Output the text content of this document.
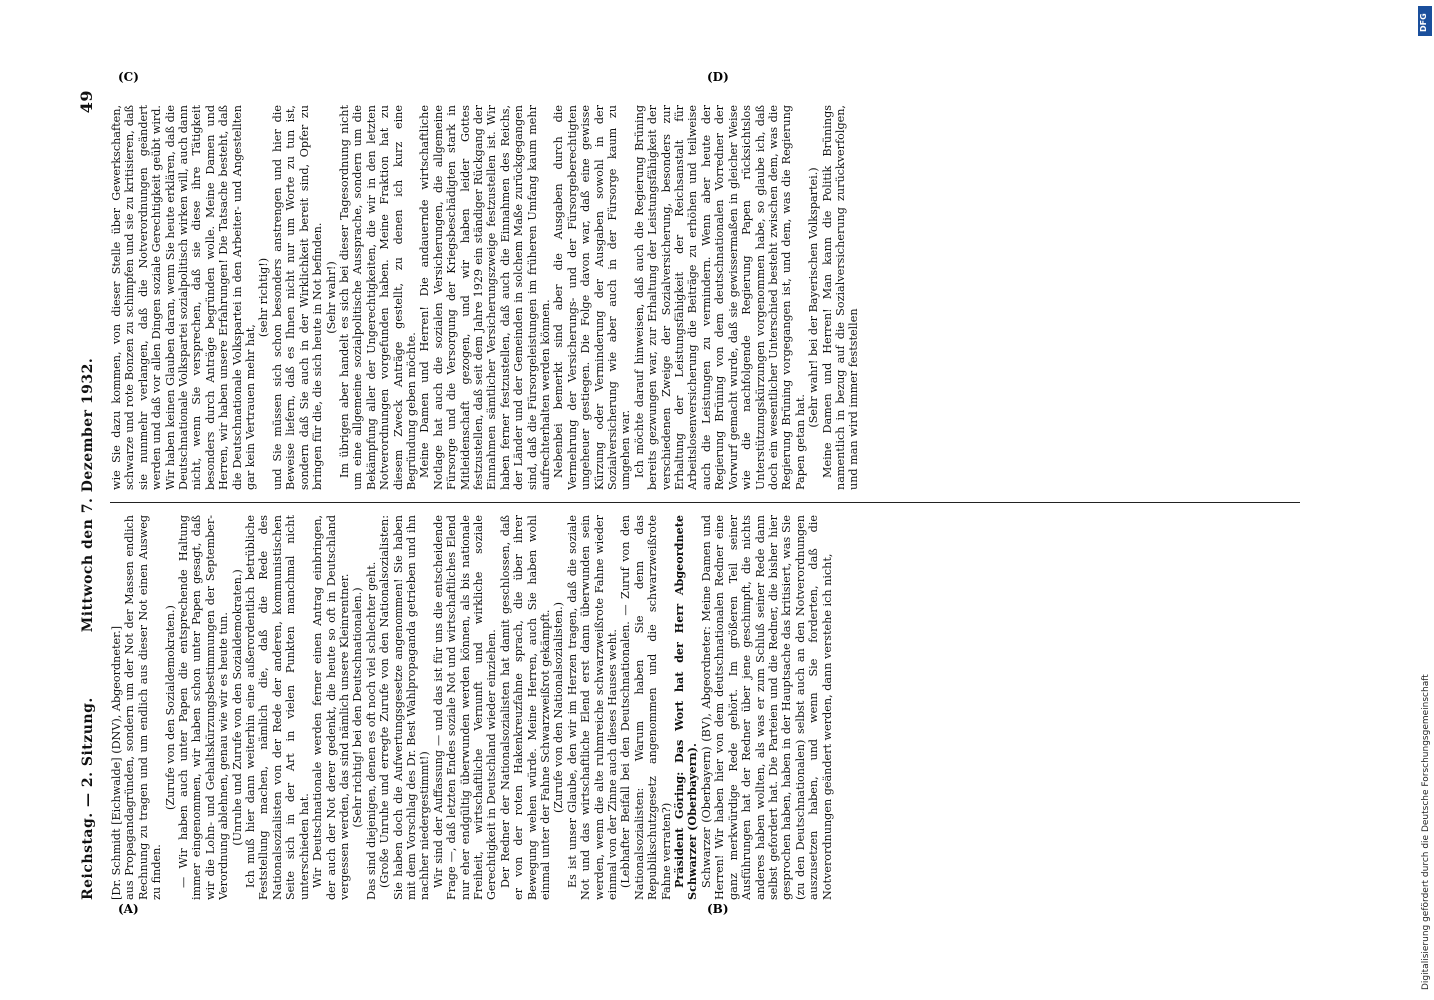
Reichstag. — 2. Sitzung.
Mittwoch den 7. Dezember 1932.
49

[Dr. Schmidt [Eichwalde] (DNV), Abgeordneter.] aus Propagandagründen, sondern um der Not der Massen endlich Rechnung zu tragen und um endlich aus dieser Not einen Ausweg zu finden.

(Zurufe von den Sozialdemokraten.) — Wir haben auch unter Papen die entsprechende Haltung immer eingenommen, wir haben schon unter Papen gesagt, daß wir die Lohn- und Gehaltskürzungsbestimmungen der September-Verordnung ablehnen, genau wie wir es heute tun. (Unruhe und Zurufe von den Sozialdemokraten.) Ich muß hier dann weiterhin eine außerordentlich betrübliche Feststellung machen, nämlich die, daß die Rede des Nationalsozialisten von der Rede der anderen, kommunistischen Seite sich in der Art in vielen Punkten manchmal nicht unterschieden hat. Wir Deutschnationale werden ferner einen Antrag einbringen, der auch der Not derer gedenkt, die heute so oft in Deutschland vergessen werden, das sind nämlich unsere Kleinrentner. (Sehr richtig! bei den Deutschnationalen.) Das sind diejenigen, denen es oft noch viel schlechter geht. (Große Unruhe und erregte Zurufe von den Nationalsozialisten: Sie haben doch die Aufwertungsgesetze angenommen! Sie haben mit dem Vorschlag des Dr. Best Wahlpropaganda getrieben und ihn nachher niedergestimmt!) Wir sind der Auffassung — und das ist für uns die entscheidende Frage —, daß letzten Endes soziale Not und wirtschaftliches Elend nur eher endgültig überwunden werden können, als bis nationale Freiheit, wirtschaftliche Vernunft und wirkliche soziale Gerechtigkeit in Deutschland wieder einziehen. Der Redner der Nationalsozialisten hat damit geschlossen, daß er von der roten Hakenkreuzfahne sprach, die über ihrer Bewegung wehen würde. Meine Herren, auch Sie haben wohl einmal unter der Fahne Schwarzweißrot gekämpft. (Zurufe von den Nationalsozialisten.) Es ist unser Glaube, den wir im Herzen tragen, daß die soziale Not und das wirtschaftliche Elend erst dann überwunden sein werden, wenn die alte ruhmreiche schwarzweißrote Fahne wieder einmal von der Zinne auch dieses Hauses weht. (Lebhafter Beifall bei den Deutschnationalen. — Zuruf von den Nationalsozialisten: Warum haben Sie denn das Republikschutzgesetz angenommen und die schwarzweißrote Fahne verraten?) Präsident Göring: Das Wort hat der Herr Abgeordnete Schwarzer (Oberbayern). Schwarzer (Oberbayern) (BV), Abgeordneter: Meine Damen und Herren! Wir haben hier von dem deutschnationalen Redner eine ganz merkwürdige Rede gehört. Im größeren Teil seiner Ausführungen hat der Redner über jene geschimpft, die nichts anderes haben wollten, als was er zum Schluß seiner Rede dann selbst gefordert hat. Die Parteien und die Redner, die bisher hier gesprochen haben, haben in der Hauptsache das kritisiert, was Sie (zu den Deutschnationalen) selbst auch an den Notverordnungen auszusetzen haben, und wenn Sie forderten, daß die Notverordnungen geändert werden, dann verstehe ich nicht,

wie Sie dazu kommen, von dieser Stelle über Gewerkschaften, schwarze und rote Bonzen zu schimpfen und sie zu kritisieren, daß sie nunmehr verlangen, daß die Notverordnungen geändert werden und daß vor allen Dingen soziale Gerechtigkeit geübt wird. Wir haben keinen Glauben daran, wenn Sie heute erklären, daß die Deutschnationale Volkspartei sozialpolitisch wirken will, auch dann nicht, wenn Sie versprechen, daß sie diese ihre Tätigkeit besonders durch Anträge begründen wolle. Meine Damen und Herren, wir haben unsere Erfahrungen! Die Tatsache besteht, daß die Deutschnationale Volkspartei in den Arbeiter- und Angestellten gar kein Vertrauen mehr hat,

(sehr richtig!) und Sie müssen sich schon besonders anstrengen und hier die Beweise liefern, daß es Ihnen nicht nur um Worte zu tun ist, sondern daß Sie auch in der Wirklichkeit bereit sind, Opfer zu bringen für die, die sich heute in Not befinden. (Sehr wahr!) Im übrigen aber handelt es sich bei dieser Tagesordnung nicht um eine allgemeine sozialpolitische Aussprache, sondern um die Bekämpfung aller der Ungerechtigkeiten, die wir in den letzten Notverordnungen vorgefunden haben. Meine Fraktion hat zu diesem Zweck Anträge gestellt, zu denen ich kurz eine Begründung geben möchte. Meine Damen und Herren! Die andauernde wirtschaftliche Notlage hat auch die sozialen Versicherungen, die allgemeine Fürsorge und die Versorgung der Kriegsbeschädigten stark in Mitleidenschaft gezogen, und wir haben leider Gottes festzustellen, daß seit dem Jahre 1929 ein ständiger Rückgang der Einnahmen sämtlicher Versicherungszweige festzustellen ist. Wir haben ferner festzustellen, daß auch die Einnahmen des Reichs, der Länder und der Gemeinden in solchem Maße zurückgegangen sind, daß die Fürsorgeleistungen im früheren Umfang kaum mehr aufrechterhalten werden können. Nebenbei bemerkt sind aber die Ausgaben durch die Vermehrung der Versicherungs- und der Fürsorgeberechtigten ungeheuer gestiegen. Die Folge davon war, daß eine gewisse Kürzung oder Verminderung der Ausgaben sowohl in der Sozialversicherung wie aber auch in der Fürsorge kaum zu umgehen war. Ich möchte darauf hinweisen, daß auch die Regierung Brüning bereits gezwungen war, zur Erhaltung der Leistungsfähigkeit der verschiedenen Zweige der Sozialversicherung, besonders zur Erhaltung der Leistungsfähigkeit der Reichsanstalt für Arbeitslosenversicherung die Beiträge zu erhöhen und teilweise auch die Leistungen zu vermindern. Wenn aber heute der Regierung Brüning von dem deutschnationalen Vorredner der Vorwurf gemacht wurde, daß sie gewissermaßen in gleicher Weise wie die nachfolgende Regierung Papen rücksichtslos Unterstützungskürzungen vorgenommen habe, so glaube ich, daß doch ein wesentlicher Unterschied besteht zwischen dem, was die Regierung Brüning vorgegangen ist, und dem, was die Regierung Papen getan hat.

(Sehr wahr! bei der Bayerischen Volkspartei.) Meine Damen und Herren! Man kann die Politik Brünings namentlich in bezug auf die Sozialversicherung zurückverfolgen, und man wird immer feststellen

(A)	(B)
(C)	(D)
Digitalisierung gefördert durch die Deutsche Forschungsgemeinschaft
DFG
